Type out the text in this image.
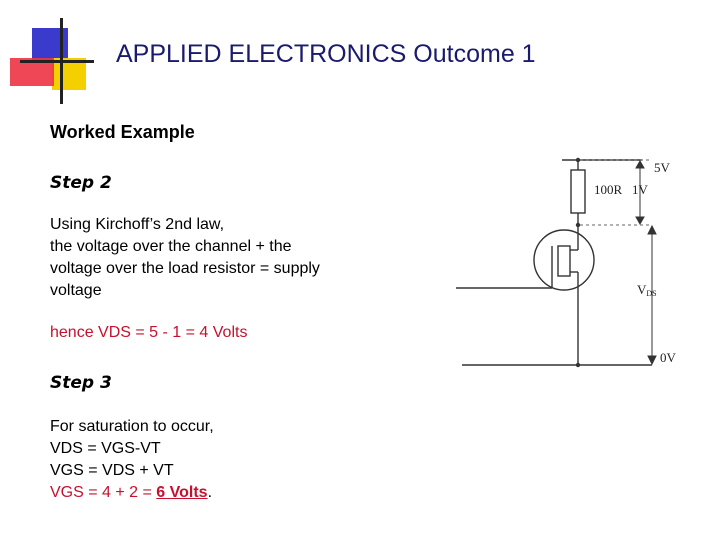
APPLIED ELECTRONICS Outcome 1
Worked Example
Step 2
Using Kirchoff’s 2nd law,
the voltage over the channel + the
voltage over the load resistor = supply
voltage
hence VDS = 5 - 1 = 4 Volts
Step 3
For saturation to occur,
VDS = VGS-VT
VGS = VDS + VT
VGS = 4 + 2 = 6 Volts.
5V
100R 1V
VDS
0V
